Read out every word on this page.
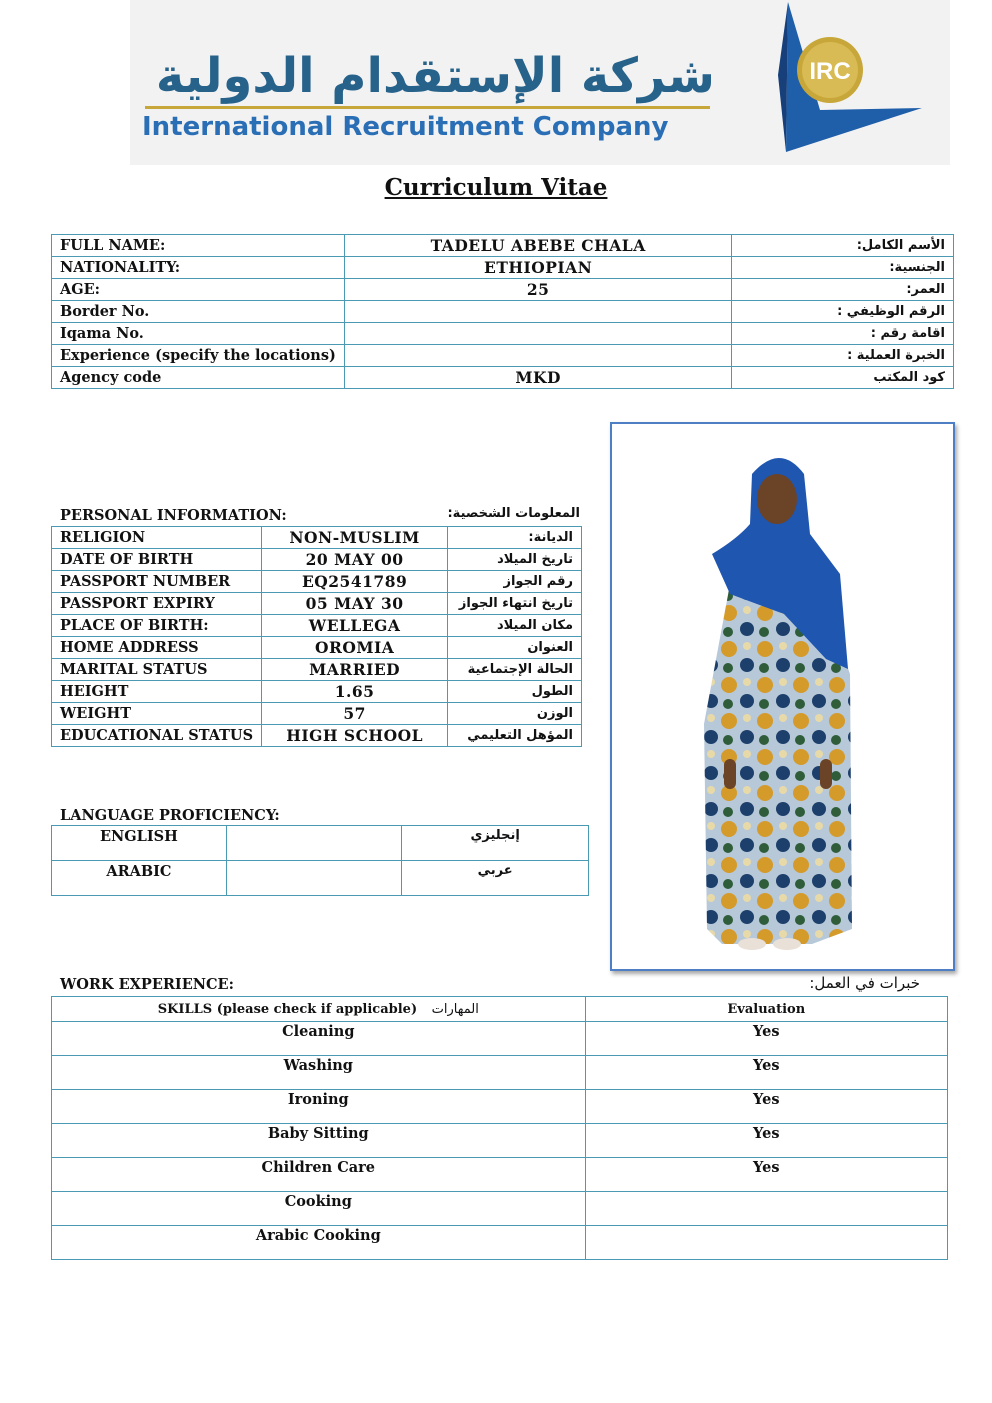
شركة الإستقدام الدولية
International Recruitment Company
IRC
Curriculum Vitae
FULL NAME:	TADELU ABEBE CHALA	الأسم الكامل:
NATIONALITY:	ETHIOPIAN	الجنسية:
AGE:	25	العمر:
Border No.		الرقم الوظيفي :
Iqama No.		اقامة رقم :
Experience (specify the locations)		الخبرة العملية :
Agency code	MKD	كود المكتب
PERSONAL INFORMATION:	المعلومات الشخصية:
RELIGION	NON-MUSLIM	الديانة:
DATE OF BIRTH	20 MAY 00	تاريخ الميلاد
PASSPORT NUMBER	EQ2541789	رقم الجواز
PASSPORT EXPIRY	05 MAY 30	تاريخ انتهاء الجواز
PLACE OF BIRTH:	WELLEGA	مكان الميلاد
HOME ADDRESS	OROMIA	العنوان
MARITAL STATUS	MARRIED	الحالة الإجتماعية
HEIGHT	1.65	الطول
WEIGHT	57	الوزن
EDUCATIONAL STATUS	HIGH SCHOOL	المؤهل التعليمي
LANGUAGE PROFICIENCY:
ENGLISH		إنجليزي
ARABIC		عربي
WORK EXPERIENCE:	خبرات في العمل:
SKILLS (please check if applicable) المهارات	Evaluation
Cleaning	Yes
Washing	Yes
Ironing	Yes
Baby Sitting	Yes
Children Care	Yes
Cooking	
Arabic Cooking	
